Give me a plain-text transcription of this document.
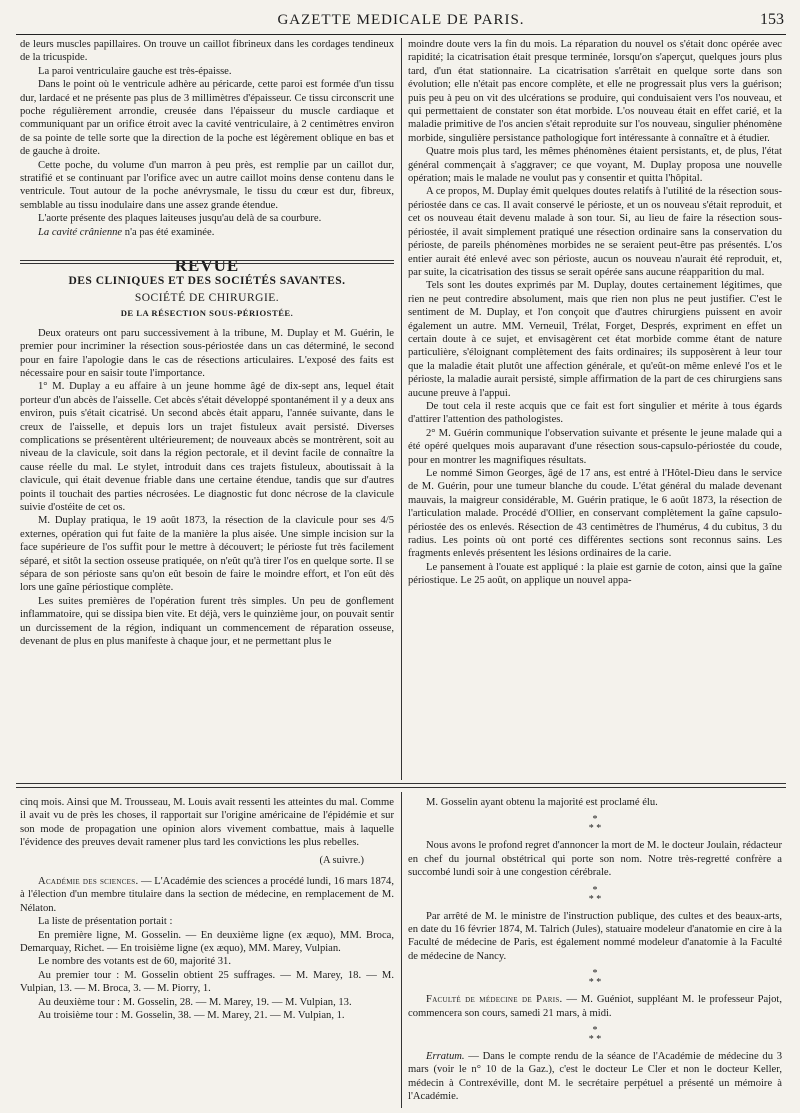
GAZETTE MEDICALE DE PARIS.	153

de leurs muscles papillaires. On trouve un caillot fibrineux dans les cordages tendineux de la tricuspide.

La paroi ventriculaire gauche est très-épaisse.

Dans le point où le ventricule adhère au péricarde, cette paroi est formée d'un tissu dur, lardacé et ne présente pas plus de 3 millimètres d'épaisseur. Ce tissu circonscrit une poche régulièrement arrondie, creusée dans l'épaisseur du muscle cardiaque et communiquant par un orifice étroit avec la cavité ventriculaire, à 2 centimètres environ de sa pointe de telle sorte que la direction de la poche est légèrement oblique en bas et de gauche à droite.

Cette poche, du volume d'un marron à peu près, est remplie par un caillot dur, stratifié et se continuant par l'orifice avec un autre caillot moins dense contenu dans le ventricule. Tout autour de la poche anévrysmale, le tissu du cœur est dur, fibreux, semblable au tissu inodulaire dans une assez grande étendue.

L'aorte présente des plaques laiteuses jusqu'au delà de sa courbure.

La cavité crânienne n'a pas été examinée.

REVUE
DES CLINIQUES ET DES SOCIÉTÉS SAVANTES.
SOCIÉTÉ DE CHIRURGIE.
DE LA RÉSECTION SOUS-PÉRIOSTÉE.

Deux orateurs ont paru successivement à la tribune, M. Duplay et M. Guérin, le premier pour incriminer la résection sous-périostée dans un cas déterminé, le second pour en faire l'apologie dans le cas de résections articulaires. L'exposé des faits est nécessaire pour en saisir toute l'importance.

1° M. Duplay a eu affaire à un jeune homme âgé de dix-sept ans, lequel était porteur d'un abcès de l'aisselle. Cet abcès s'était développé spontanément il y a deux ans environ, puis s'était cicatrisé. Un second abcès était apparu, l'année suivante, dans le creux de l'aisselle, et depuis lors un trajet fistuleux avait persisté. Diverses complications se présentèrent ultérieurement; de nouveaux abcès se montrèrent, soit au niveau de la clavicule, soit dans la région pectorale, et il devint facile de connaître la cause réelle du mal. Le stylet, introduit dans ces trajets fistuleux, aboutissait à la clavicule, qui était devenue friable dans une certaine étendue, tandis que sur d'autres points il touchait des parties nécrosées. Le diagnostic fut donc nécrose de la clavicule suivie d'ostéite de cet os.

M. Duplay pratiqua, le 19 août 1873, la résection de la clavicule pour ses 4/5 externes, opération qui fut faite de la manière la plus aisée. Une simple incision sur la face supérieure de l'os suffit pour le mettre à découvert; le périoste fut très facilement séparé, et sitôt la section osseuse pratiquée, on n'eût qu'à tirer l'os en quelque sorte. Il se sépara de son périoste sans qu'on eût besoin de faire le moindre effort, et l'on eût dès lors une gaîne périostique complète.

Les suites premières de l'opération furent très simples. Un peu de gonflement inflammatoire, qui se dissipa bien vite. Et déjà, vers le quinzième jour, on pouvait sentir un durcissement de la région, indiquant un commencement de réparation osseuse, devenant de plus en plus manifeste à chaque jour, et ne permettant plus le

moindre doute vers la fin du mois. La réparation du nouvel os s'était donc opérée avec rapidité; la cicatrisation était presque terminée, lorsqu'on s'aperçut, quelques jours plus tard, d'un état stationnaire. La cicatrisation s'arrêtait en quelque sorte dans son évolution; elle n'était pas encore complète, et elle ne progressait plus vers la guérison; puis peu à peu on vit des ulcérations se produire, qui conduisaient vers l'os nouveau, et qui permettaient de constater son état morbide. L'os nouveau était en effet carié, et la maladie primitive de l'os ancien s'était reproduite sur l'os nouveau, singulier phénomène morbide, singulière persistance pathologique fort intéressante à connaître et à étudier.

Quatre mois plus tard, les mêmes phénomènes étaient persistants, et, de plus, l'état général commençait à s'aggraver; ce que voyant, M. Duplay proposa une nouvelle opération; mais le malade ne voulut pas y consentir et quitta l'hôpital.

A ce propos, M. Duplay émit quelques doutes relatifs à l'utilité de la résection sous-périostée dans ce cas. Il avait conservé le périoste, et un os nouveau s'était reproduit, et cet os nouveau était devenu malade à son tour. Si, au lieu de faire la résection sous-périostée, il avait simplement pratiqué une résection ordinaire sans la conservation du périoste, de pareils phénomènes morbides ne se seraient peut-être pas présentés. L'os entier aurait été enlevé avec son périoste, aucun os nouveau n'aurait été reproduit, et, par suite, la cicatrisation des tissus se serait opérée sans aucune réapparition du mal.

Tels sont les doutes exprimés par M. Duplay, doutes certainement légitimes, que rien ne peut contredire absolument, mais que rien non plus ne peut justifier. C'est le sentiment de M. Duplay, et l'on conçoit que d'autres chirurgiens puissent en avoir également un autre. MM. Verneuil, Trélat, Forget, Després, expriment en effet un certain doute à ce sujet, et envisagèrent cet état morbide comme étant de nature particulière, s'éloignant complètement des faits ordinaires; ils supposèrent à leur tour que la maladie était plutôt une affection générale, et qu'eût-on même enlevé l'os et le périoste, la maladie aurait persisté, simple affirmation de la part de ces chirurgiens sans aucune preuve à l'appui.

De tout cela il reste acquis que ce fait est fort singulier et mérite à tous égards d'attirer l'attention des pathologistes.

2° M. Guérin communique l'observation suivante et présente le jeune malade qui a été opéré quelques mois auparavant d'une résection sous-capsulo-périostée du coude, pour en montrer les magnifiques résultats.

Le nommé Simon Georges, âgé de 17 ans, est entré à l'Hôtel-Dieu dans le service de M. Guérin, pour une tumeur blanche du coude. L'état général du malade devenant mauvais, la maigreur considérable, M. Guérin pratique, le 6 août 1873, la résection de l'articulation malade. Procédé d'Ollier, en conservant complètement la gaîne capsulo-périostée des os enlevés. Résection de 43 centimètres de l'humérus, 4 du cubitus, 3 du radius. Les points où ont porté ces différentes sections sont reconnus sains. Les fragments enlevés présentent les lésions ordinaires de la carie.

Le pansement à l'ouate est appliqué : la plaie est garnie de coton, ainsi que la gaîne périostique. Le 25 août, on applique un nouvel appa-

cinq mois. Ainsi que M. Trousseau, M. Louis avait ressenti les atteintes du mal. Comme il avait vu de près les choses, il rapportait sur l'origine américaine de l'épidémie et sur son mode de propagation une opinion alors vivement combattue, mais à laquelle l'évidence des preuves devait ramener plus tard les convictions les plus rebelles.

(A suivre.)

Académie des sciences. — L'Académie des sciences a procédé lundi, 16 mars 1874, à l'élection d'un membre titulaire dans la section de médecine, en remplacement de M. Nélaton.

La liste de présentation portait :

En première ligne, M. Gosselin. — En deuxième ligne (ex æquo), MM. Broca, Demarquay, Richet. — En troisième ligne (ex æquo), MM. Marey, Vulpian.

Le nombre des votants est de 60, majorité 31.

Au premier tour : M. Gosselin obtient 25 suffrages. — M. Marey, 18. — M. Vulpian, 13. — M. Broca, 3. — M. Piorry, 1.

Au deuxième tour : M. Gosselin, 28. — M. Marey, 19. — M. Vulpian, 13.

Au troisième tour : M. Gosselin, 38. — M. Marey, 21. — M. Vulpian, 1.

M. Gosselin ayant obtenu la majorité est proclamé élu.

*
* *

Nous avons le profond regret d'annoncer la mort de M. le docteur Joulain, rédacteur en chef du journal obstétrical qui porte son nom. Notre très-regretté confrère a succombé lundi soir à une congestion cérébrale.

*
* *

Par arrêté de M. le ministre de l'instruction publique, des cultes et des beaux-arts, en date du 16 février 1874, M. Talrich (Jules), statuaire modeleur d'anatomie en cire à la Faculté de médecine de Paris, est également nommé modeleur d'anatomie à la Faculté de médecine de Nancy.

*
* *

Faculté de médecine de Paris. — M. Guéniot, suppléant M. le professeur Pajot, commencera son cours, samedi 21 mars, à midi.

*
* *

Erratum. — Dans le compte rendu de la séance de l'Académie de médecine du 3 mars (voir le n° 10 de la Gaz.), c'est le docteur Le Cler et non le docteur Keller, médecin à Contrexéville, dont M. le secrétaire perpétuel a présenté un mémoire à l'Académie.
